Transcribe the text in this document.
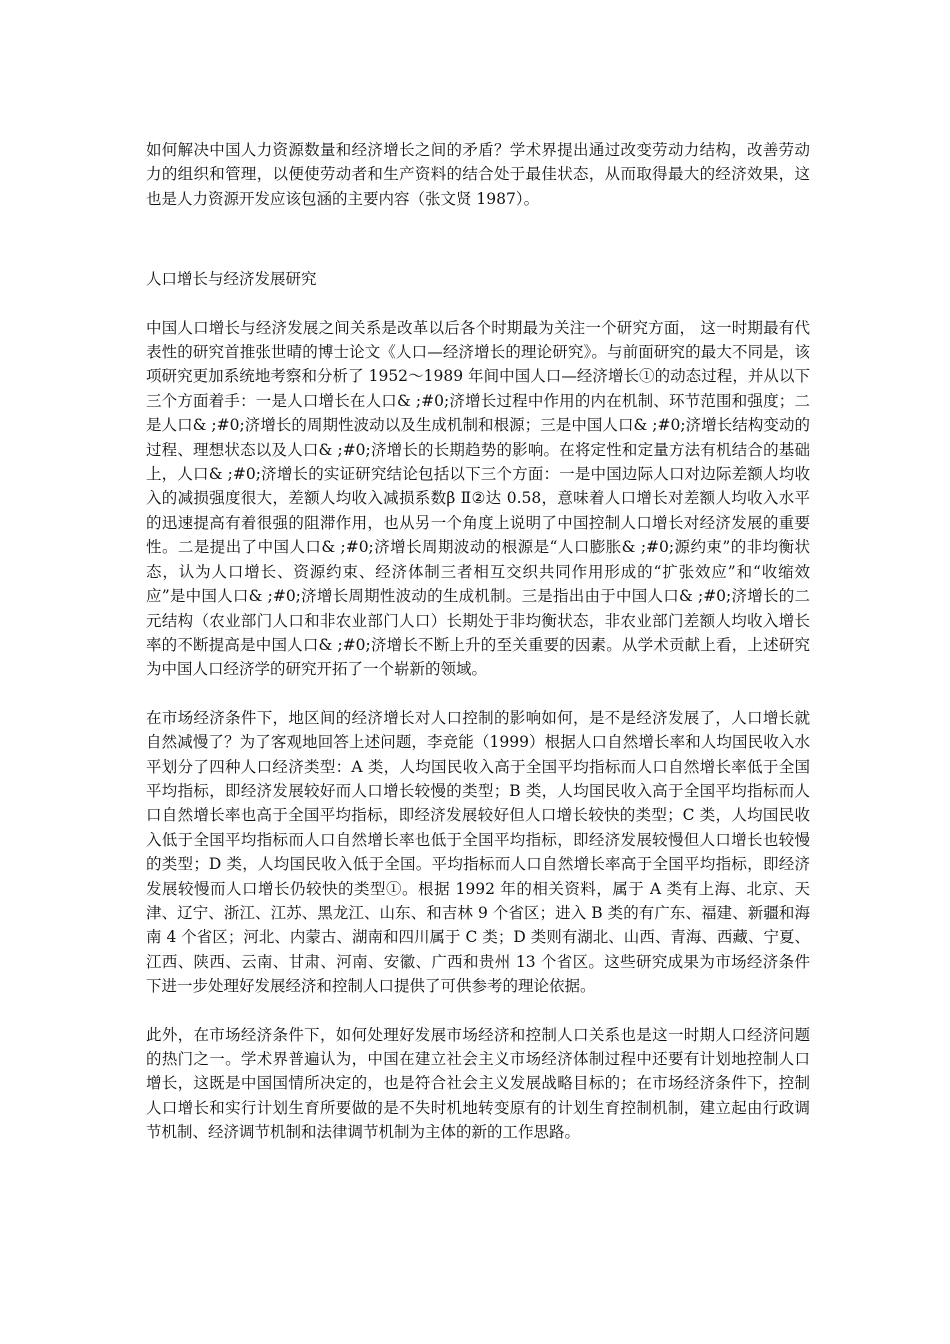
如何解决中国人力资源数量和经济增长之间的矛盾？学术界提出通过改变劳动力结构，改善劳动力的组织和管理，以便使劳动者和生产资料的结合处于最佳状态，从而取得最大的经济效果，这也是人力资源开发应该包涵的主要内容（张文贤 1987）。

人口增长与经济发展研究

中国人口增长与经济发展之间关系是改革以后各个时期最为关注一个研究方面， 这一时期最有代表性的研究首推张世晴的博士论文《人口—经济增长的理论研究》。与前面研究的最大不同是，该项研究更加系统地考察和分析了 1952～1989 年间中国人口—经济增长①的动态过程，并从以下三个方面着手：一是人口增长在人口& ;#0;济增长过程中作用的内在机制、环节范围和强度；二是人口& ;#0;济增长的周期性波动以及生成机制和根源；三是中国人口& ;#0;济增长结构变动的过程、理想状态以及人口& ;#0;济增长的长期趋势的影响。在将定性和定量方法有机结合的基础上，人口& ;#0;济增长的实证研究结论包括以下三个方面：一是中国边际人口对边际差额人均收入的减损强度很大，差额人均收入减损系数β Ⅱ②达 0.58，意味着人口增长对差额人均收入水平的迅速提高有着很强的阻滞作用，也从另一个角度上说明了中国控制人口增长对经济发展的重要性。二是提出了中国人口& ;#0;济增长周期波动的根源是“人口膨胀& ;#0;源约束”的非均衡状态，认为人口增长、资源约束、经济体制三者相互交织共同作用形成的“扩张效应”和“收缩效应”是中国人口& ;#0;济增长周期性波动的生成机制。三是指出由于中国人口& ;#0;济增长的二元结构（农业部门人口和非农业部门人口）长期处于非均衡状态，非农业部门差额人均收入增长率的不断提高是中国人口& ;#0;济增长不断上升的至关重要的因素。从学术贡献上看，上述研究为中国人口经济学的研究开拓了一个崭新的领域。

在市场经济条件下，地区间的经济增长对人口控制的影响如何，是不是经济发展了，人口增长就自然减慢了？为了客观地回答上述问题，李竞能（1999）根据人口自然增长率和人均国民收入水平划分了四种人口经济类型：A 类，人均国民收入高于全国平均指标而人口自然增长率低于全国平均指标，即经济发展较好而人口增长较慢的类型；B 类，人均国民收入高于全国平均指标而人口自然增长率也高于全国平均指标，即经济发展较好但人口增长较快的类型；C 类，人均国民收入低于全国平均指标而人口自然增长率也低于全国平均指标，即经济发展较慢但人口增长也较慢的类型；D 类，人均国民收入低于全国。平均指标而人口自然增长率高于全国平均指标，即经济发展较慢而人口增长仍较快的类型①。根据 1992 年的相关资料，属于 A 类有上海、北京、天津、辽宁、浙江、江苏、黑龙江、山东、和吉林 9 个省区；进入 B 类的有广东、福建、新疆和海南 4 个省区；河北、内蒙古、湖南和四川属于 C 类；D 类则有湖北、山西、青海、西藏、宁夏、江西、陕西、云南、甘肃、河南、安徽、广西和贵州 13 个省区。这些研究成果为市场经济条件下进一步处理好发展经济和控制人口提供了可供参考的理论依据。

此外，在市场经济条件下，如何处理好发展市场经济和控制人口关系也是这一时期人口经济问题的热门之一。学术界普遍认为，中国在建立社会主义市场经济体制过程中还要有计划地控制人口增长，这既是中国国情所决定的，也是符合社会主义发展战略目标的；在市场经济条件下，控制人口增长和实行计划生育所要做的是不失时机地转变原有的计划生育控制机制，建立起由行政调节机制、经济调节机制和法律调节机制为主体的新的工作思路。
